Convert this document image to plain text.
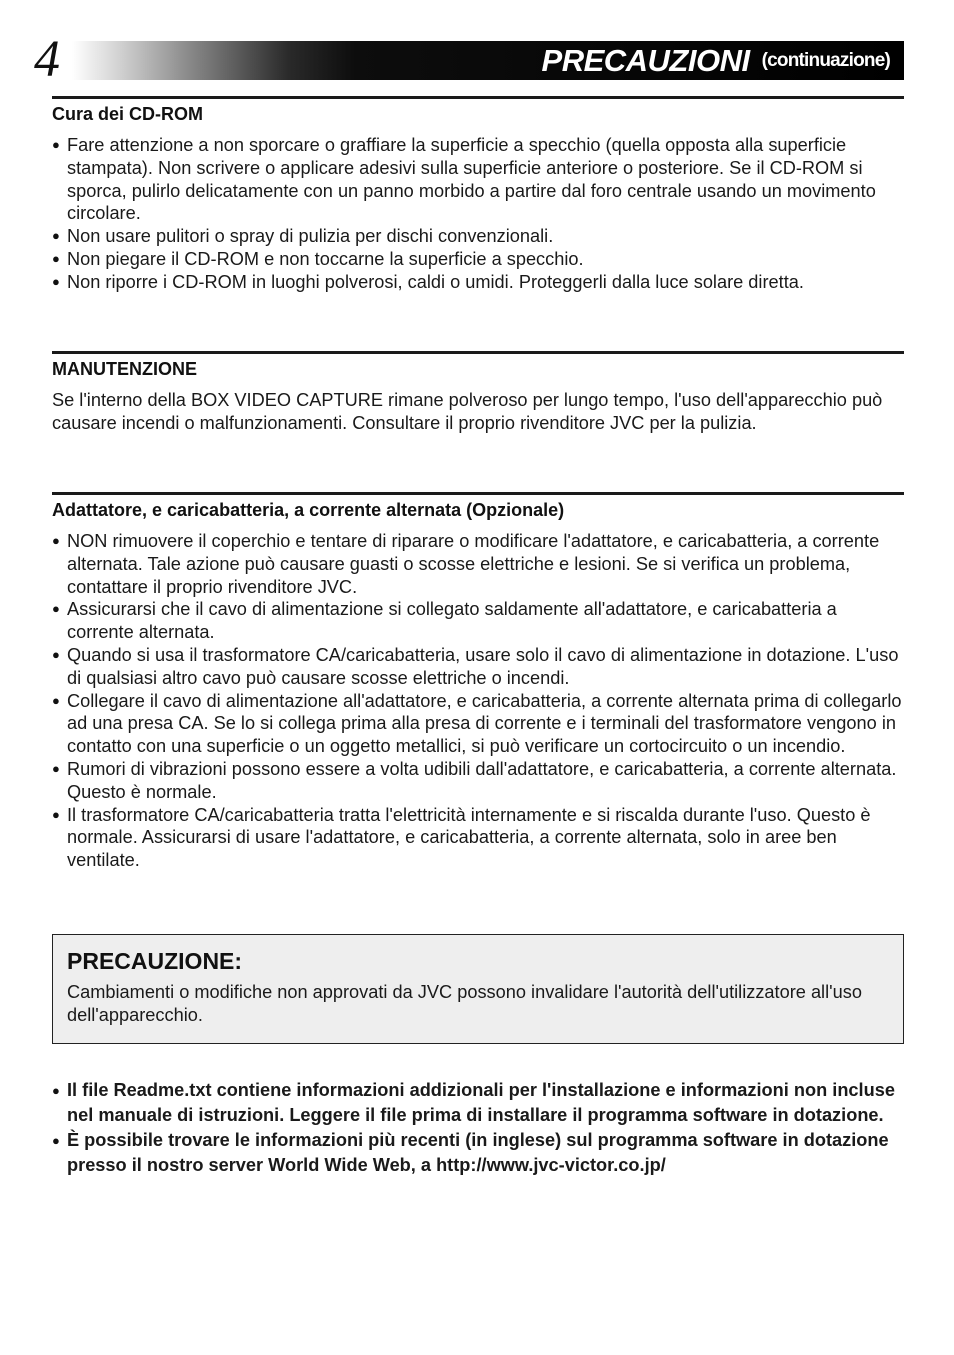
4	PRECAUZIONI (continuazione)
Cura dei CD-ROM
● Fare attenzione a non sporcare o graffiare la superficie a specchio (quella opposta alla superficie stampata). Non scrivere o applicare adesivi sulla superficie anteriore o posteriore. Se il CD-ROM si sporca, pulirlo delicatamente con un panno morbido a partire dal foro centrale usando un movimento circolare.
● Non usare pulitori o spray di pulizia per dischi convenzionali.
● Non piegare il CD-ROM e non toccarne la superficie a specchio.
● Non riporre i CD-ROM in luoghi polverosi, caldi o umidi. Proteggerli dalla luce solare diretta.
MANUTENZIONE

Se l'interno della BOX VIDEO CAPTURE rimane polveroso per lungo tempo, l'uso dell'apparecchio può causare incendi o malfunzionamenti. Consultare il proprio rivenditore JVC per la pulizia.

Adattatore, e caricabatteria, a corrente alternata (Opzionale)
● NON rimuovere il coperchio e tentare di riparare o modificare l'adattatore, e caricabatteria, a corrente alternata. Tale azione può causare guasti o scosse elettriche e lesioni. Se si verifica un problema, contattare il proprio rivenditore JVC.
● Assicurarsi che il cavo di alimentazione si collegato saldamente all'adattatore, e caricabatteria a corrente alternata.
● Quando si usa il trasformatore CA/caricabatteria, usare solo il cavo di alimentazione in dotazione. L'uso di qualsiasi altro cavo può causare scosse elettriche o incendi.
● Collegare il cavo di alimentazione all'adattatore, e caricabatteria, a corrente alternata prima di collegarlo ad una presa CA. Se lo si collega prima alla presa di corrente e i terminali del trasformatore vengono in contatto con una superficie o un oggetto metallici, si può verificare un cortocircuito o un incendio.
● Rumori di vibrazioni possono essere a volta udibili dall'adattatore, e caricabatteria, a corrente alternata. Questo è normale.
● Il trasformatore CA/caricabatteria tratta l'elettricità internamente e si riscalda durante l'uso. Questo è normale. Assicurarsi di usare l'adattatore, e caricabatteria, a corrente alternata, solo in aree ben ventilate.
PRECAUZIONE:

Cambiamenti o modifiche non approvati da JVC possono invalidare l'autorità dell'utilizzatore all'uso dell'apparecchio.

● Il file Readme.txt contiene informazioni addizionali per l'installazione e informazioni non incluse nel manuale di istruzioni. Leggere il file prima di installare il programma software in dotazione.
● È possibile trovare le informazioni più recenti (in inglese) sul programma software in dotazione presso il nostro server World Wide Web, a http://www.jvc-victor.co.jp/
